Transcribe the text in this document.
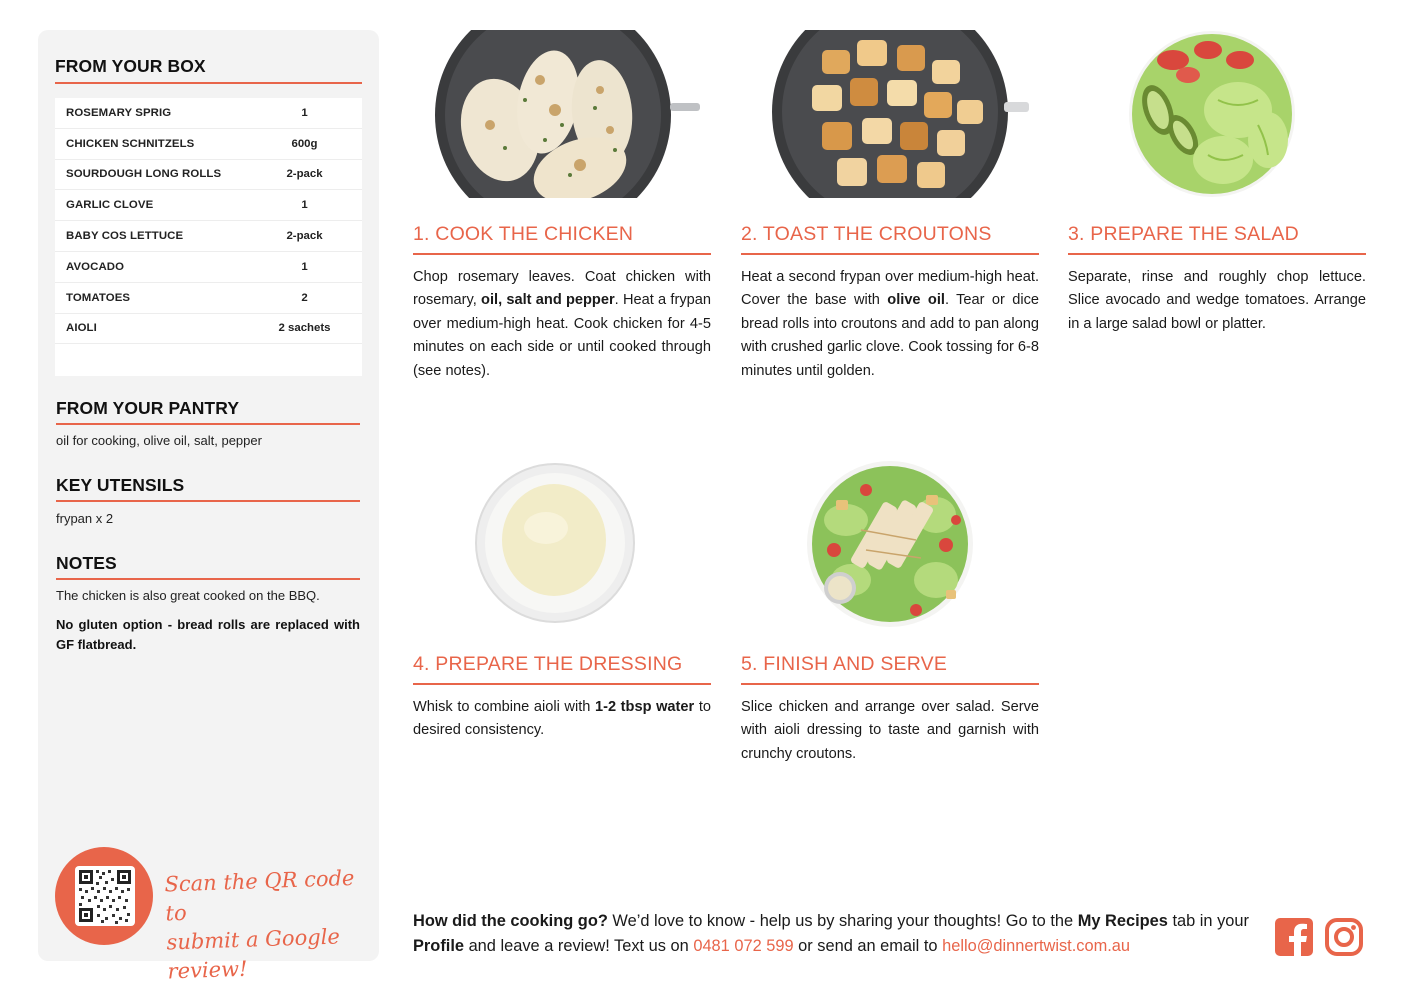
FROM YOUR BOX
ROSEMARY SPRIG	1
CHICKEN SCHNITZELS	600g
SOURDOUGH LONG ROLLS	2-pack
GARLIC CLOVE	1
BABY COS LETTUCE	2-pack
AVOCADO	1
TOMATOES	2
AIOLI	2 sachets
FROM YOUR PANTRY
oil for cooking, olive oil, salt, pepper
KEY UTENSILS
frypan x 2
NOTES
The chicken is also great cooked on the BBQ.
No gluten option - bread rolls are replaced with GF flatbread.
Scan the QR code to
submit a Google review!
1. COOK THE CHICKEN
Chop rosemary leaves. Coat chicken with rosemary, oil, salt and pepper. Heat a frypan over medium-high heat. Cook chicken for 4-5 minutes on each side or until cooked through (see notes).
2. TOAST THE CROUTONS
Heat a second frypan over medium-high heat. Cover the base with olive oil. Tear or dice bread rolls into croutons and add to pan along with crushed garlic clove. Cook tossing for 6-8 minutes until golden.
3. PREPARE THE SALAD
Separate, rinse and roughly chop lettuce. Slice avocado and wedge tomatoes. Arrange in a large salad bowl or platter.
4. PREPARE THE DRESSING
Whisk to combine aioli with 1-2 tbsp water to desired consistency.
5. FINISH AND SERVE
Slice chicken and arrange over salad. Serve with aioli dressing to taste and garnish with crunchy croutons.
How did the cooking go? We’d love to know - help us by sharing your thoughts! Go to the My Recipes tab in your Profile and leave a review! Text us on 0481 072 599 or send an email to hello@dinnertwist.com.au
